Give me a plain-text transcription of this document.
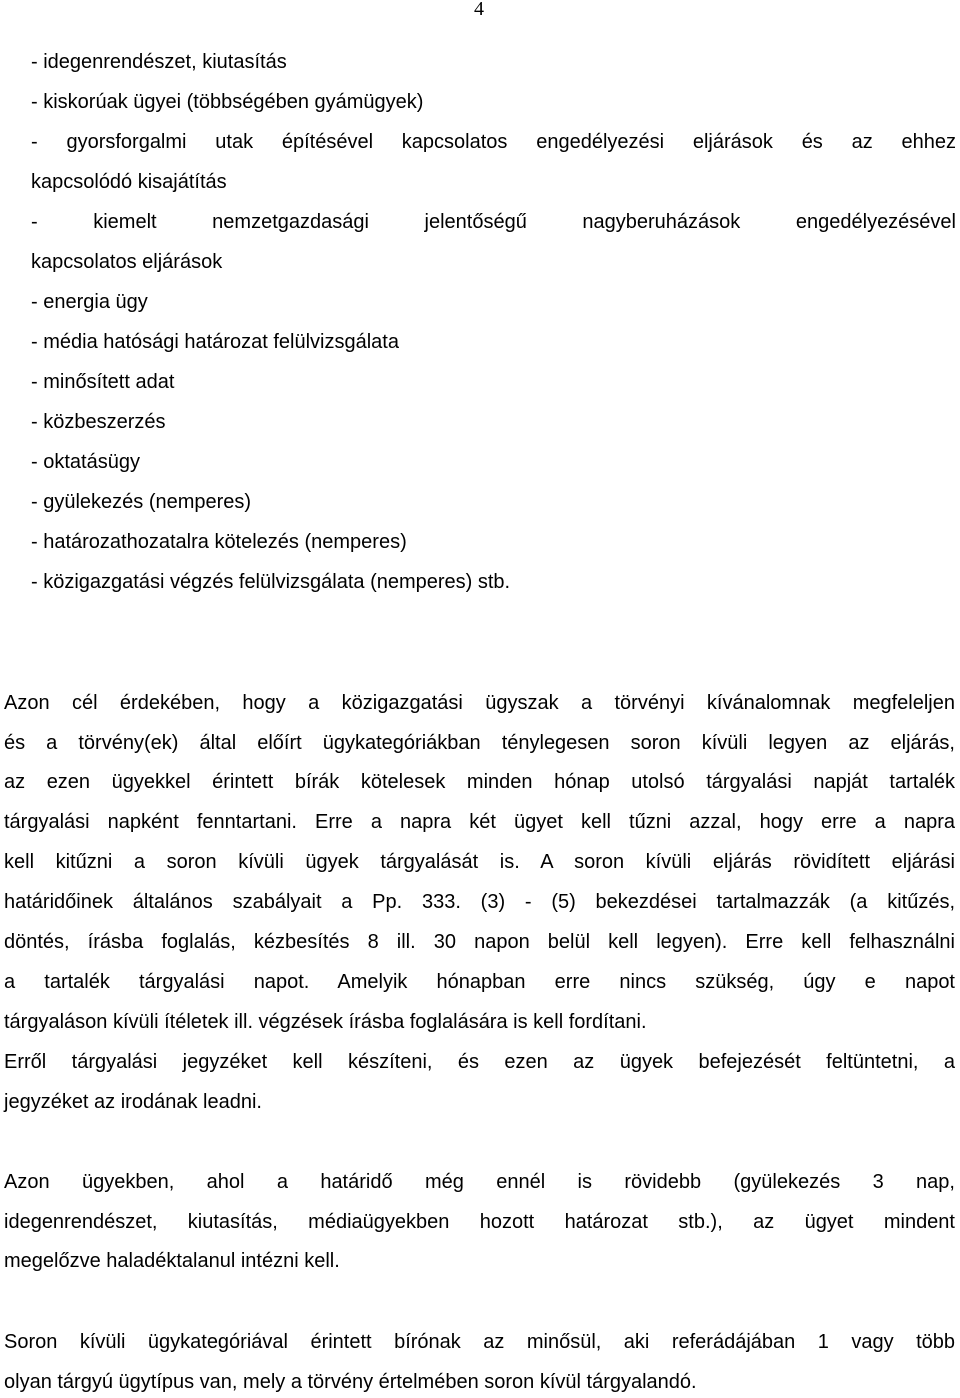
4
- idegenrendészet, kiutasítás
- kiskorúak ügyei (többségében gyámügyek)
- gyorsforgalmi utak építésével kapcsolatos engedélyezési eljárások és az ehhez
kapcsolódó kisajátítás
- kiemelt nemzetgazdasági jelentőségű nagyberuházások engedélyezésével
kapcsolatos eljárások
- energia ügy
- média hatósági határozat felülvizsgálata
- minősített adat
- közbeszerzés
- oktatásügy
- gyülekezés (nemperes)
- határozathozatalra kötelezés (nemperes)
- közigazgatási végzés felülvizsgálata (nemperes) stb.
Azon cél érdekében, hogy a közigazgatási ügyszak a törvényi kívánalomnak megfeleljen
és a törvény(ek) által előírt ügykategóriákban ténylegesen soron kívüli legyen az eljárás,
az ezen ügyekkel érintett bírák kötelesek minden hónap utolsó tárgyalási napját tartalék
tárgyalási napként fenntartani. Erre a napra két ügyet kell tűzni azzal, hogy erre a napra
kell kitűzni a soron kívüli ügyek tárgyalását is. A soron kívüli eljárás rövidített eljárási
határidőinek általános szabályait a Pp. 333. (3) - (5) bekezdései tartalmazzák (a kitűzés,
döntés, írásba foglalás, kézbesítés 8 ill. 30 napon belül kell legyen). Erre kell felhasználni
a tartalék tárgyalási napot. Amelyik hónapban erre nincs szükség, úgy e napot
tárgyaláson kívüli ítéletek ill. végzések írásba foglalására is kell fordítani.
Erről tárgyalási jegyzéket kell készíteni, és ezen az ügyek befejezését feltüntetni, a
jegyzéket az irodának leadni.
Azon ügyekben, ahol a határidő még ennél is rövidebb (gyülekezés 3 nap,
idegenrendészet, kiutasítás, médiaügyekben hozott határozat stb.), az ügyet mindent
megelőzve haladéktalanul intézni kell.
Soron kívüli ügykategóriával érintett bírónak az minősül, aki referádájában 1 vagy több
olyan tárgyú ügytípus van, mely a törvény értelmében soron kívül tárgyalandó.
